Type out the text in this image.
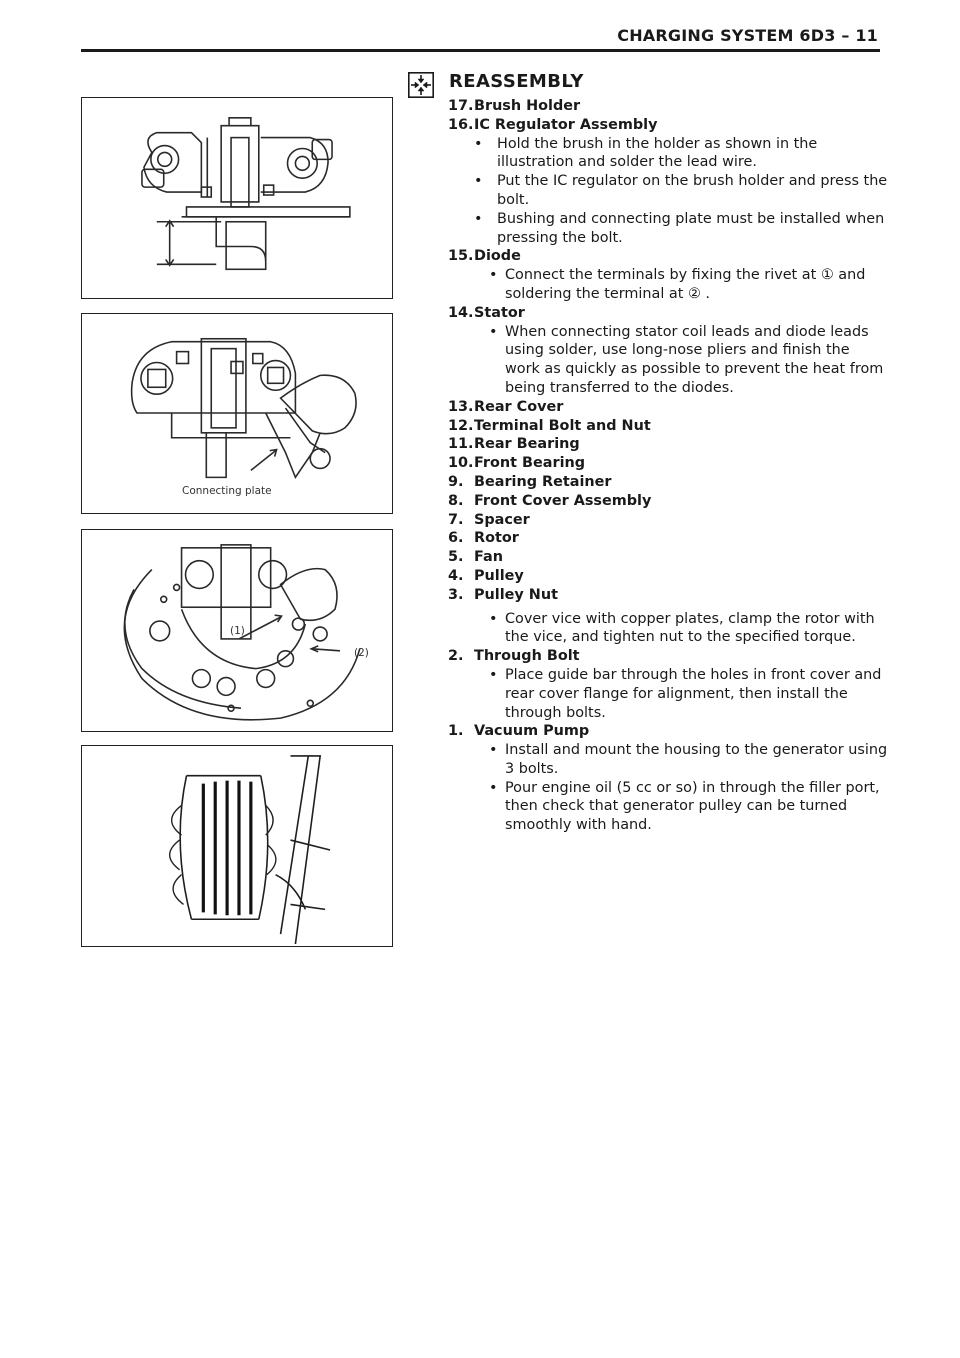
CHARGING SYSTEM 6D3 – 11
Connecting plate
(1)
(2)
REASSEMBLY
17.Brush Holder
16.IC Regulator Assembly
• Hold the brush in the holder as shown in the illustration and solder the lead wire.
• Put the IC regulator on the brush holder and press the bolt.
• Bushing and connecting plate must be installed when pressing the bolt.
15.Diode
• Connect the terminals by fixing the rivet at ① and soldering the terminal at ② .
14.Stator
• When connecting stator coil leads and diode leads using solder, use long-nose pliers and finish the work as quickly as possible to prevent the heat from being transferred to the diodes.
13.Rear Cover
12.Terminal Bolt and Nut
11.Rear Bearing
10.Front Bearing
9. Bearing Retainer
8. Front Cover Assembly
7. Spacer
6. Rotor
5. Fan
4. Pulley
3. Pulley Nut
• Cover vice with copper plates, clamp the rotor with the vice, and tighten nut to the specified torque.
2. Through Bolt
• Place guide bar through the holes in front cover and rear cover flange for alignment, then install the through bolts.
1. Vacuum Pump
• Install and mount the housing to the generator using 3 bolts.
• Pour engine oil (5 cc or so) in through the filler port, then check that generator pulley can be turned smoothly with hand.
